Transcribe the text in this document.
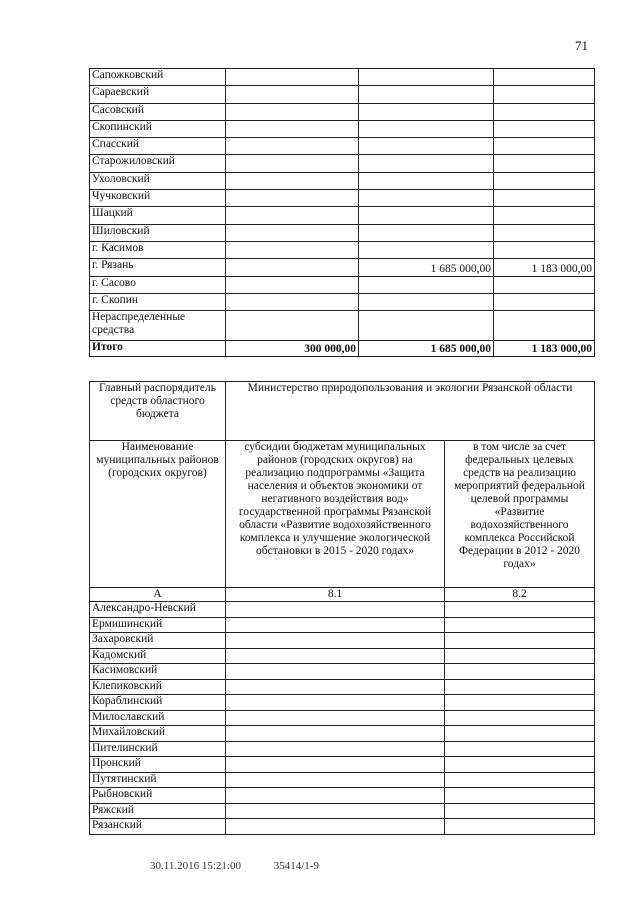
71
Сапожковский			
Сараевский			
Сасовский			
Скопинский			
Спасский			
Старожиловский			
Ухоловский			
Чучковский			
Шацкий			
Шиловский			
г. Касимов			
г. Рязань		1 685 000,00	1 183 000,00
г. Сасово			
г. Скопин			
Нераспределенные средства			
Итого	300 000,00	1 685 000,00	1 183 000,00
Главный распорядитель средств областного бюджета	Министерство природопользования и экологии Рязанской области	
Наименование муниципальных районов (городских округов)	субсидии бюджетам муниципальных районов (городских округов) на реализацию подпрограммы «Защита населения и объектов экономики от негативного воздействия вод» государственной программы Рязанской области «Развитие водохозяйственного комплекса и улучшение экологической обстановки в 2015 - 2020 годах»	в том числе за счет федеральных целевых средств на реализацию мероприятий федеральной целевой программы «Развитие водохозяйственного комплекса Российской Федерации в 2012 - 2020 годах»
А	8.1	8.2
Александро-Невский		
Ермишинский		
Захаровский		
Кадомский		
Касимовский		
Клепиковский		
Кораблинский		
Милославский		
Михайловский		
Пителинский		
Пронский		
Путятинский		
Рыбновский		
Ряжский		
Рязанский		
30.11.2016 15:21:00	35414/1-9
